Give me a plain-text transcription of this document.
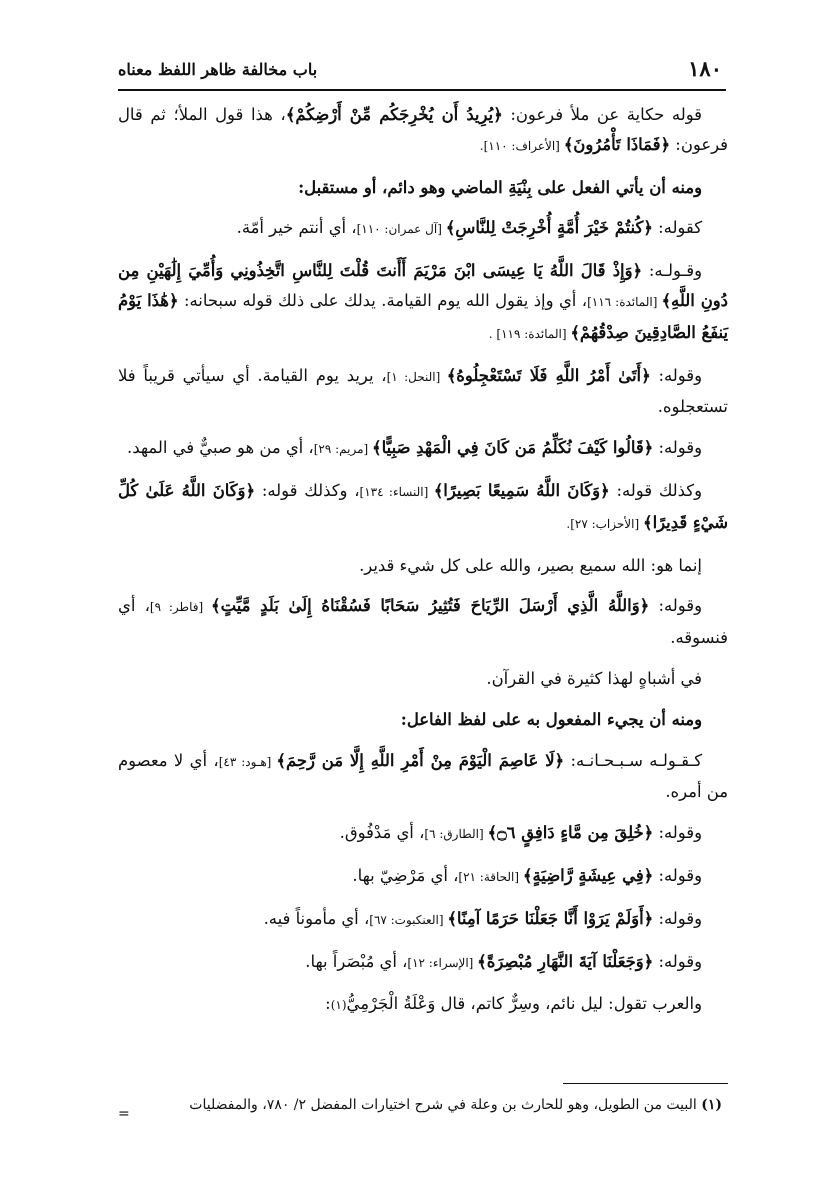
١٨٠
باب مخالفة ظاهر اللفظ معناه

قوله حكاية عن ملأ فرعون: ﴿يُرِيدُ أَن يُخْرِجَكُم مِّنْ أَرْضِكُمْ﴾، هذا قول الملأ؛ ثم قال فرعون: ﴿فَمَاذَا تَأْمُرُونَ﴾ [الأعراف: ١١٠].

ومنه أن يأتي الفعل على بِنْيَةِ الماضي وهو دائم، أو مستقبل:

كقوله: ﴿كُنتُمْ خَيْرَ أُمَّةٍ أُخْرِجَتْ لِلنَّاسِ﴾ [آل عمران: ١١٠]، أي أنتم خير أمّة.

وقـولـه: ﴿وَإِذْ قَالَ اللَّهُ يَا عِيسَى ابْنَ مَرْيَمَ أَأَنتَ قُلْتَ لِلنَّاسِ اتَّخِذُونِي وَأُمِّيَ إِلَٰهَيْنِ مِن دُونِ اللَّهِ﴾ [المائدة: ١١٦]، أي وإذ يقول الله يوم القيامة. يدلك على ذلك قوله سبحانه: ﴿هَٰذَا يَوْمُ يَنفَعُ الصَّادِقِينَ صِدْقُهُمْ﴾ [المائدة: ١١٩] .

وقوله: ﴿أَتَىٰ أَمْرُ اللَّهِ فَلَا تَسْتَعْجِلُوهُ﴾ [النحل: ١]، يريد يوم القيامة. أي سيأتي قريباً فلا تستعجلوه.

وقوله: ﴿قَالُوا كَيْفَ نُكَلِّمُ مَن كَانَ فِي الْمَهْدِ صَبِيًّا﴾ [مريم: ٢٩]، أي من هو صبيٌّ في المهد.

وكذلك قوله: ﴿وَكَانَ اللَّهُ سَمِيعًا بَصِيرًا﴾ [النساء: ١٣٤]، وكذلك قوله: ﴿وَكَانَ اللَّهُ عَلَىٰ كُلِّ شَيْءٍ قَدِيرًا﴾ [الأحزاب: ٢٧].

إنما هو: الله سميع بصير، والله على كل شيء قدير.

وقوله: ﴿وَاللَّهُ الَّذِي أَرْسَلَ الرِّيَاحَ فَتُثِيرُ سَحَابًا فَسُقْنَاهُ إِلَىٰ بَلَدٍ مَّيِّتٍ﴾ [فاطر: ٩]، أي فنسوقه.

في أشباهٍ لهذا كثيرة في القرآن.

ومنه أن يجيء المفعول به على لفظ الفاعل:

كـقـولـه سـبـحـانـه: ﴿لَا عَاصِمَ الْيَوْمَ مِنْ أَمْرِ اللَّهِ إِلَّا مَن رَّحِمَ﴾ [هـود: ٤٣]، أي لا معصوم من أمره.

وقوله: ﴿خُلِقَ مِن مَّاءٍ دَافِقٍ ۝٦﴾ [الطارق: ٦]، أي مَدْفُوق.

وقوله: ﴿فِي عِيشَةٍ رَّاضِيَةٍ﴾ [الحاقة: ٢١]، أي مَرْضِيّ بها.

وقوله: ﴿أَوَلَمْ يَرَوْا أَنَّا جَعَلْنَا حَرَمًا آمِنًا﴾ [العنكبوت: ٦٧]، أي مأموناً فيه.

وقوله: ﴿وَجَعَلْنَا آيَةَ النَّهَارِ مُبْصِرَةً﴾ [الإسراء: ١٢]، أي مُبْصَراً بها.

والعرب تقول: ليل نائم، وسِرٌّ كاتم، قال وَعْلَةُ الْجَرْمِيُّ(١):

(١) البيت من الطويل، وهو للحارث بن وعلة في شرح اختيارات المفضل ٢/ ٧٨٠، والمفضليات
=
